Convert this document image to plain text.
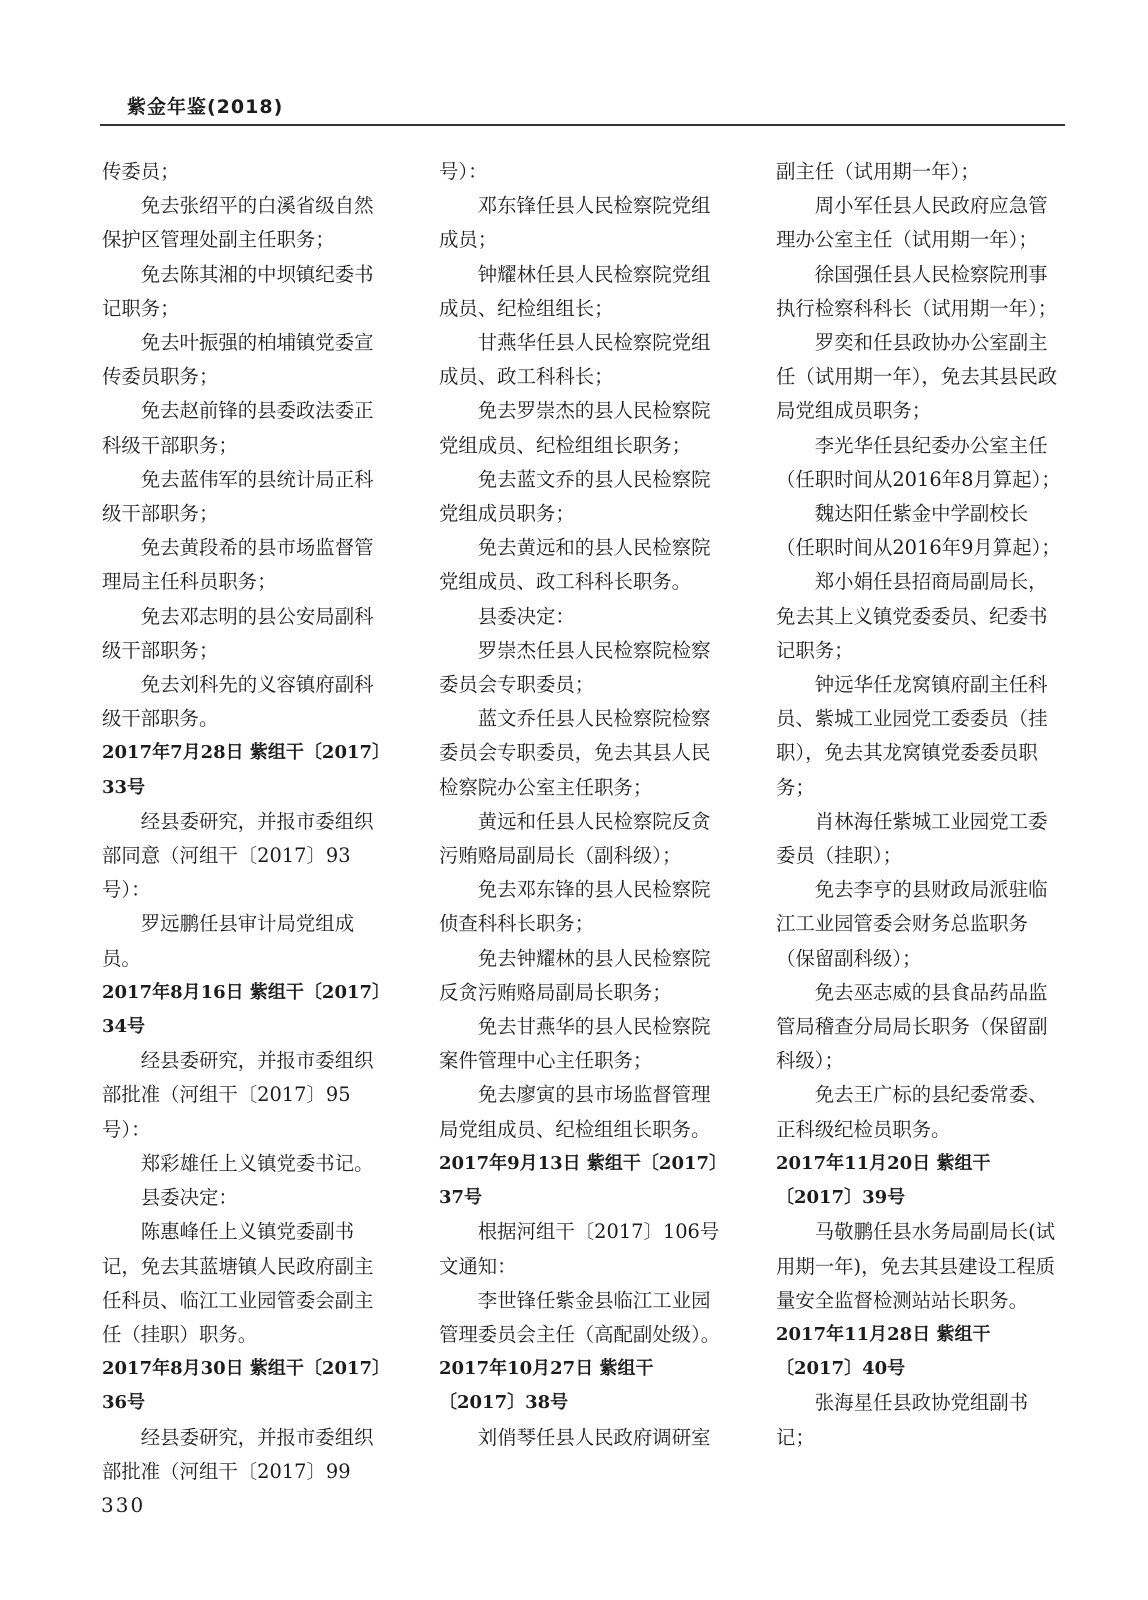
紫金年鉴(2018)

传委员；

免去张绍平的白溪省级自然保护区管理处副主任职务；

免去陈其湘的中坝镇纪委书记职务；

免去叶振强的柏埔镇党委宣传委员职务；

免去赵前锋的县委政法委正科级干部职务；

免去蓝伟军的县统计局正科级干部职务；

免去黄段希的县市场监督管理局主任科员职务；

免去邓志明的县公安局副科级干部职务；

免去刘科先的义容镇府副科级干部职务。

2017年7月28日 紫组干〔2017〕33号

经县委研究，并报市委组织部同意（河组干〔2017〕93号）：

罗远鹏任县审计局党组成员。

2017年8月16日 紫组干〔2017〕34号

经县委研究，并报市委组织部批准（河组干〔2017〕95号）：

郑彩雄任上义镇党委书记。

县委决定：

陈惠峰任上义镇党委副书记，免去其蓝塘镇人民政府副主任科员、临江工业园管委会副主任（挂职）职务。

2017年8月30日 紫组干〔2017〕36号

经县委研究，并报市委组织部批准（河组干〔2017〕99

号）：

邓东锋任县人民检察院党组成员；

钟耀林任县人民检察院党组成员、纪检组组长；

甘燕华任县人民检察院党组成员、政工科科长；

免去罗崇杰的县人民检察院党组成员、纪检组组长职务；

免去蓝文乔的县人民检察院党组成员职务；

免去黄远和的县人民检察院党组成员、政工科科长职务。

县委决定：

罗崇杰任县人民检察院检察委员会专职委员；

蓝文乔任县人民检察院检察委员会专职委员，免去其县人民检察院办公室主任职务；

黄远和任县人民检察院反贪污贿赂局副局长（副科级）；

免去邓东锋的县人民检察院侦查科科长职务；

免去钟耀林的县人民检察院反贪污贿赂局副局长职务；

免去甘燕华的县人民检察院案件管理中心主任职务；

免去廖寅的县市场监督管理局党组成员、纪检组组长职务。

2017年9月13日 紫组干〔2017〕37号

根据河组干〔2017〕106号文通知：

李世锋任紫金县临江工业园管理委员会主任（高配副处级）。

2017年10月27日 紫组干〔2017〕38号

刘俏琴任县人民政府调研室

副主任（试用期一年）；

周小军任县人民政府应急管理办公室主任（试用期一年）；

徐国强任县人民检察院刑事执行检察科科长（试用期一年）；

罗奕和任县政协办公室副主任（试用期一年），免去其县民政局党组成员职务；

李光华任县纪委办公室主任（任职时间从2016年8月算起）；

魏达阳任紫金中学副校长（任职时间从2016年9月算起）；

郑小娟任县招商局副局长，免去其上义镇党委委员、纪委书记职务；

钟远华任龙窝镇府副主任科员、紫城工业园党工委委员（挂职），免去其龙窝镇党委委员职务；

肖林海任紫城工业园党工委委员（挂职）；

免去李亨的县财政局派驻临江工业园管委会财务总监职务（保留副科级）；

免去巫志威的县食品药品监管局稽查分局局长职务（保留副科级）；

免去王广标的县纪委常委、正科级纪检员职务。

2017年11月20日 紫组干〔2017〕39号

马敬鹏任县水务局副局长(试用期一年)，免去其县建设工程质量安全监督检测站站长职务。

2017年11月28日 紫组干〔2017〕40号

张海星任县政协党组副书记；

330
